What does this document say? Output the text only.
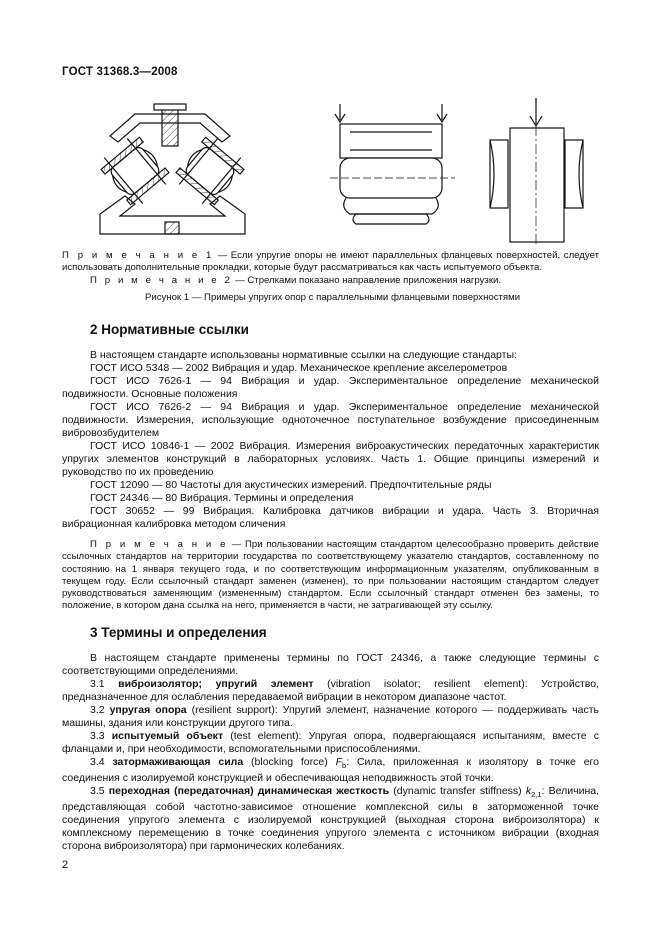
ГОСТ 31368.3—2008
П р и м е ч а н и е 1 — Если упругие опоры не имеют параллельных фланцевых поверхностей, следует использовать дополнительные прокладки, которые будут рассматриваться как часть испытуемого объекта.
П р и м е ч а н и е 2 — Стрелками показано направление приложения нагрузки.
Рисунок 1 — Примеры упругих опор с параллельными фланцевыми поверхностями
2 Нормативные ссылки
В настоящем стандарте использованы нормативные ссылки на следующие стандарты:
ГОСТ ИСО 5348 — 2002 Вибрация и удар. Механическое крепление акселерометров
ГОСТ ИСО 7626-1 — 94 Вибрация и удар. Экспериментальное определение механической подвижности. Основные положения
ГОСТ ИСО 7626-2 — 94 Вибрация и удар. Экспериментальное определение механической подвижности. Измерения, использующие одноточечное поступательное возбуждение присоединенным вибровозбудителем
ГОСТ ИСО 10846-1 — 2002 Вибрация. Измерения виброакустических передаточных характеристик упругих элементов конструкций в лабораторных условиях. Часть 1. Общие принципы измерений и руководство по их проведению
ГОСТ 12090 — 80 Частоты для акустических измерений. Предпочтительные ряды
ГОСТ 24346 — 80 Вибрация. Термины и определения
ГОСТ 30652 — 99 Вибрация. Калибровка датчиков вибрации и удара. Часть 3. Вторичная вибрационная калибровка методом сличения
П р и м е ч а н и е — При пользовании настоящим стандартом целесообразно проверить действие ссылочных стандартов на территории государства по соответствующему указателю стандартов, составленному по состоянию на 1 января текущего года, и по соответствующим информационным указателям, опубликованным в текущем году. Если ссылочный стандарт заменен (изменен), то при пользовании настоящим стандартом следует руководствоваться заменяющим (измененным) стандартом. Если ссылочный стандарт отменен без замены, то положение, в котором дана ссылка на него, применяется в части, не затрагивающей эту ссылку.
3 Термины и определения
В настоящем стандарте применены термины по ГОСТ 24346, а также следующие термины с соответствующими определениями.
3.1 виброизолятор; упругий элемент (vibration isolator; resilient element): Устройство, предназначенное для ослабления передаваемой вибрации в некотором диапазоне частот.
3.2 упругая опора (resilient support): Упругий элемент, назначение которого — поддерживать часть машины, здания или конструкции другого типа.
3.3 испытуемый объект (test element): Упругая опора, подвергающаяся испытаниям, вместе с фланцами и, при необходимости, вспомогательными приспособлениями.
3.4 затормаживающая сила (blocking force) $F_b$: Сила, приложенная к изолятору в точке его соединения с изолируемой конструкцией и обеспечивающая неподвижность этой точки.
3.5 переходная (передаточная) динамическая жесткость (dynamic transfer stiffness) $k_{2,1}$: Величина, представляющая собой частотно-зависимое отношение комплексной силы в заторможенной точке соединения упругого элемента с изолируемой конструкцией (выходная сторона виброизолятора) к комплексному перемещению в точке соединения упругого элемента с источником вибрации (входная сторона виброизолятора) при гармонических колебаниях.
2
